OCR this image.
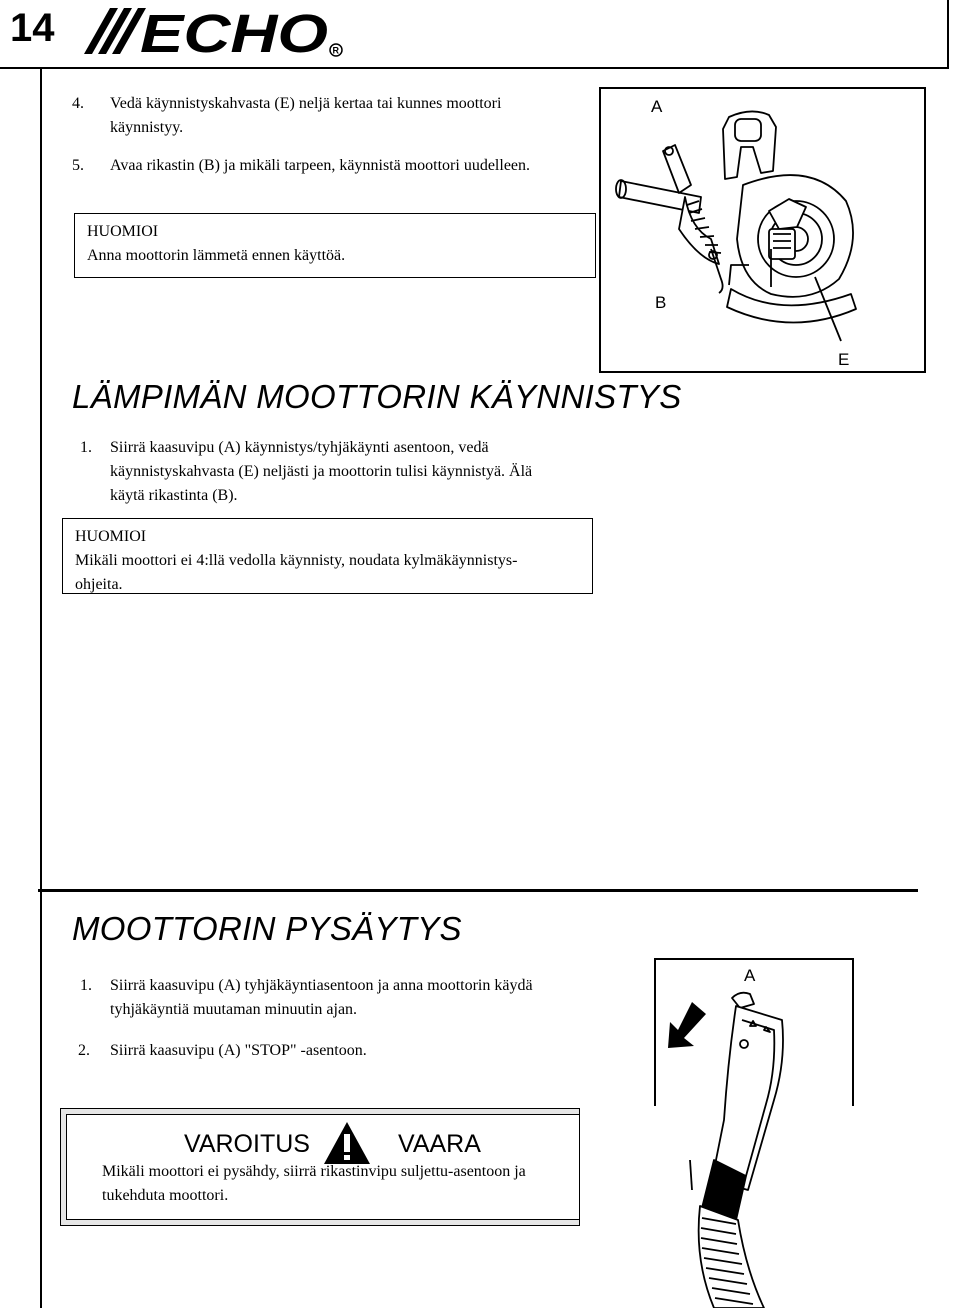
14 ECHO R
4. Vedä käynnistyskahvasta (E) neljä kertaa tai kunnes moottori
käynnistyy.
5. Avaa rikastin (B) ja mikäli tarpeen, käynnistä moottori uudelleen.
HUOMIOI
Anna moottorin lämmetä ennen käyttöä.
A
B
E
LÄMPIMÄN MOOTTORIN KÄYNNISTYS
1. Siirrä kaasuvipu (A) käynnistys/tyhjäkäynti asentoon, vedä
käynnistyskahvasta (E) neljästi ja moottorin tulisi käynnistyä. Älä
käytä rikastinta (B).
HUOMIOI
Mikäli moottori ei 4:llä vedolla käynnisty, noudata kylmäkäynnistys-
ohjeita.
MOOTTORIN PYSÄYTYS
1. Siirrä kaasuvipu (A) tyhjäkäyntiasentoon ja anna moottorin käydä
tyhjäkäyntiä muutaman minuutin ajan.
2. Siirrä kaasuvipu (A) "STOP" -asentoon.
A
VAROITUS	VAARA
Mikäli moottori ei pysähdy, siirrä rikastinvipu suljettu-asentoon ja
tukehduta moottori.
